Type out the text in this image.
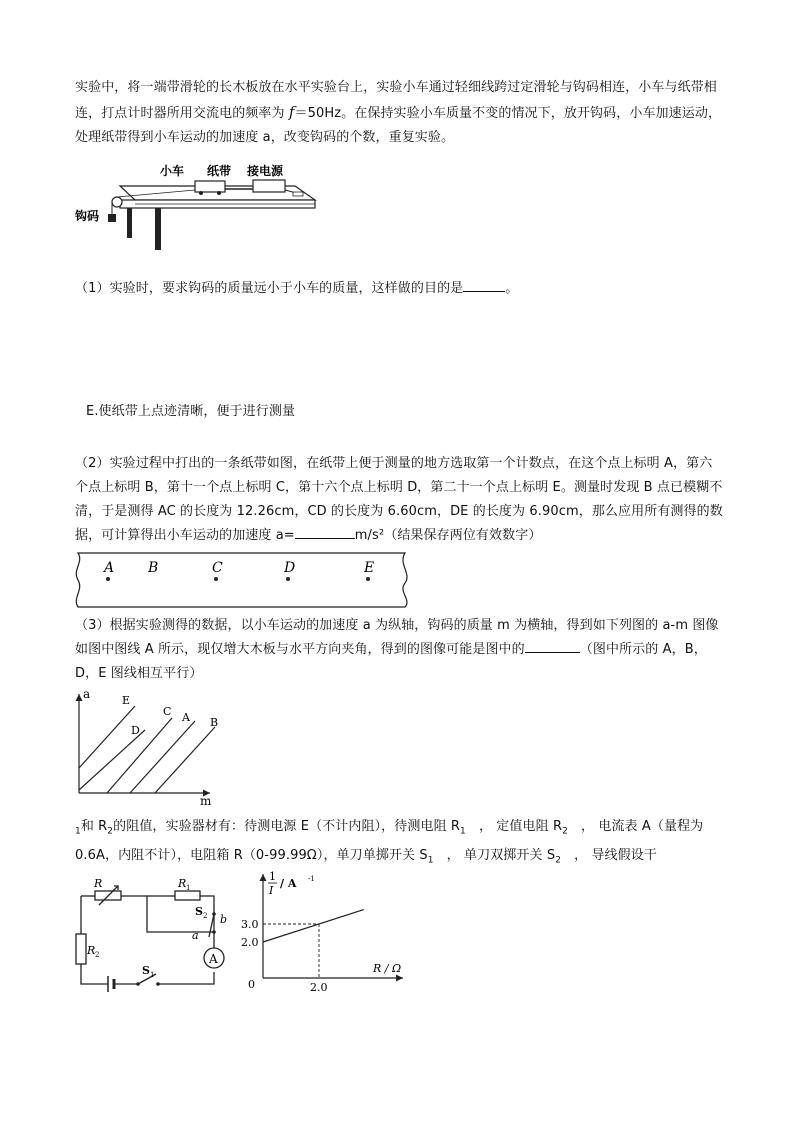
实验中，将一端带滑轮的长木板放在水平实验台上，实验小车通过轻细线跨过定滑轮与钩码相连，小车与纸带相连，打点计时器所用交流电的频率为 f＝50Hz。在保持实验小车质量不变的情况下，放开钩码，小车加速运动，处理纸带得到小车运动的加速度 a，改变钩码的个数，重复实验。
小车 纸带 接电源
钩码
（1）实验时，要求钩码的质量远小于小车的质量，这样做的目的是	。
E.使纸带上点迹清晰，便于进行测量
（2）实验过程中打出的一条纸带如图，在纸带上便于测量的地方选取第一个计数点，在这个点上标明 A，第六个点上标明 B，第十一个点上标明 C，第十六个点上标明 D，第二十一个点上标明 E。测量时发现 B 点已模糊不清，于是测得 AC 的长度为 12.26cm，CD 的长度为 6.60cm，DE 的长度为 6.90cm，那么应用所有测得的数据，可计算得出小车运动的加速度 a=	m/s²（结果保存两位有效数字）
A B	C	D	E
（3）根据实验测得的数据，以小车运动的加速度 a 为纵轴，钩码的质量 m 为横轴，得到如下列图的 a-m 图像如图中图线 A 所示，现仅增大木板与水平方向夹角，得到的图像可能是图中的	（图中所示的 A，B，D，E 图线相互平行）
a
m
E
D
C A B
$_1$和 $R_2$的阻值，实验器材有：待测电源 E（不计内阻），待测电阻 $R_1$　， 定值电阻 $R_2$　， 电流表 A（量程为 0.6A，内阻不计），电阻箱 R（0-99.99Ω），单刀单掷开关 $S_1$　， 单刀双掷开关 $S_2$　， 导线假设干
A
R	R 1
R 2
S 1
S 2
a
b
1
I
/ A -1
R / Ω
0
3.0
2.0
2.0
